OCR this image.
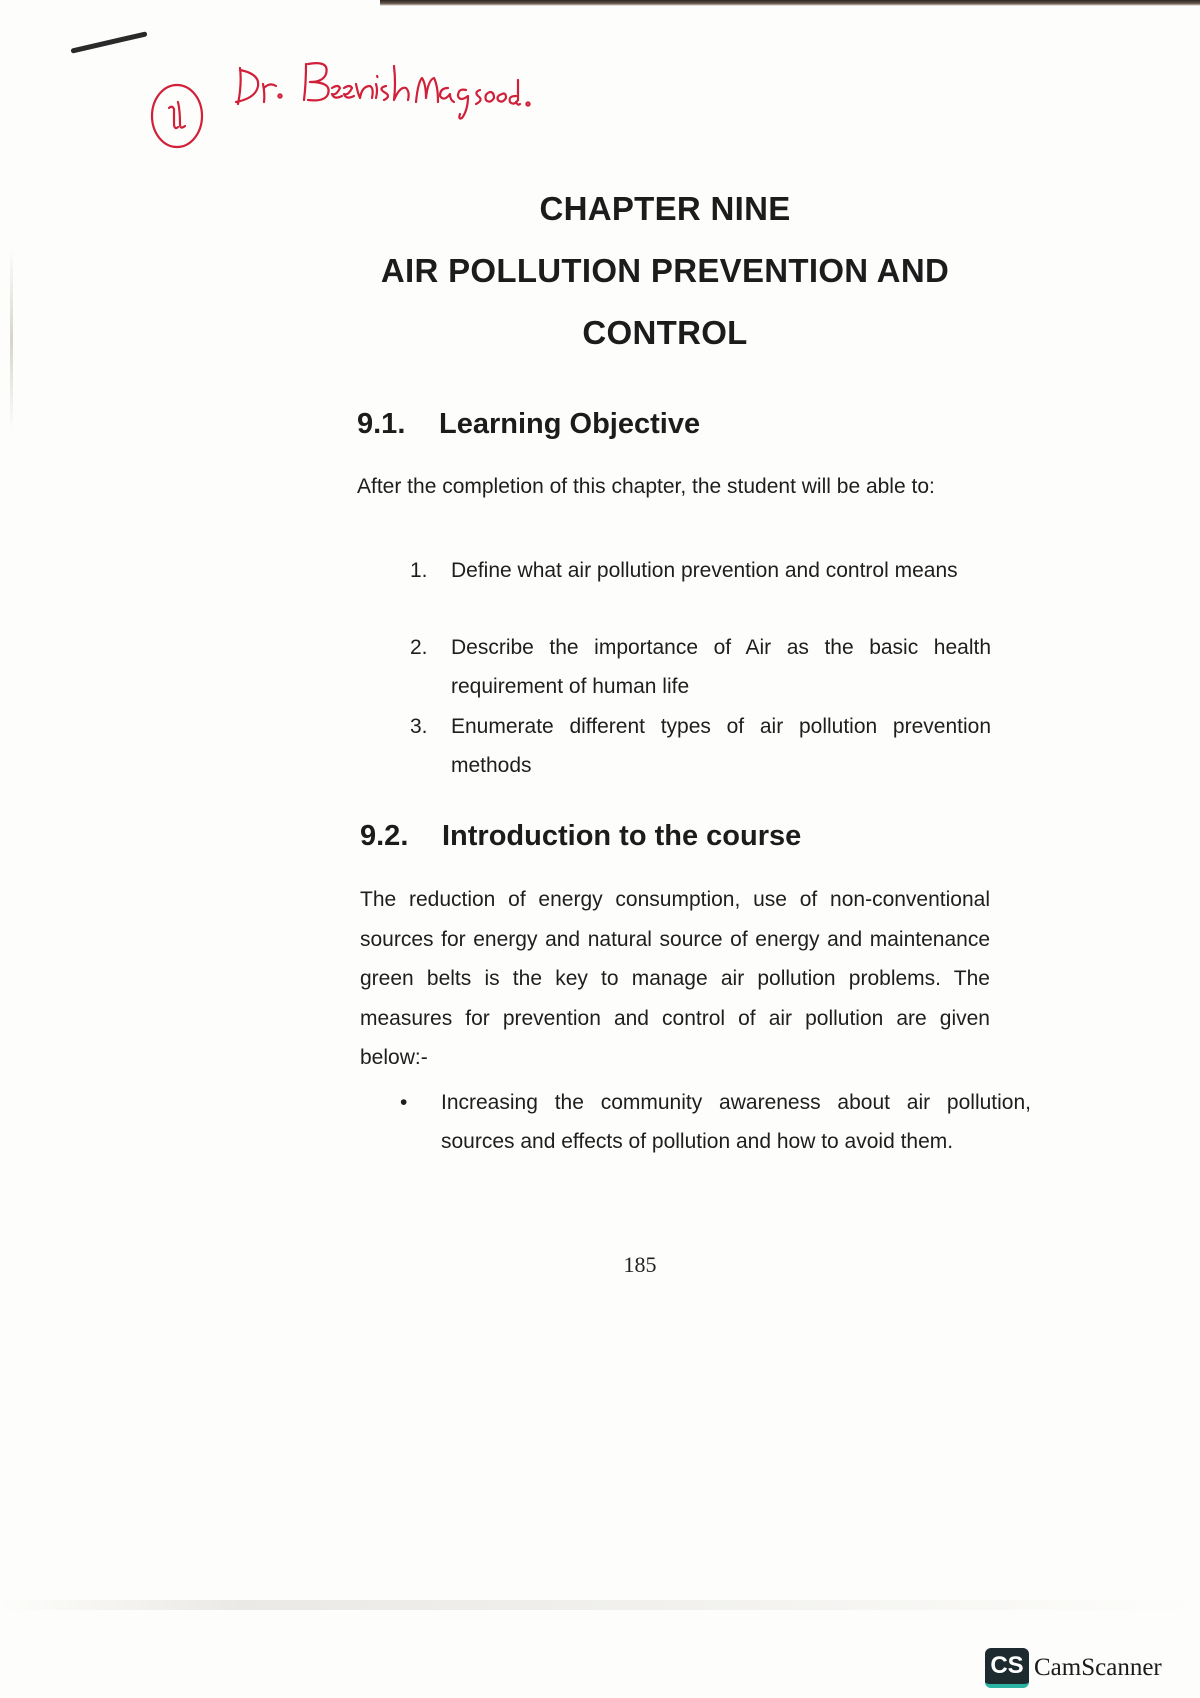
CHAPTER NINE
AIR POLLUTION PREVENTION AND
CONTROL
9.1. Learning Objective
After the completion of this chapter, the student will be able to:
1. Define what air pollution prevention and control means
2. Describe the importance of Air as the basic health requirement of human life
3. Enumerate different types of air pollution prevention methods
9.2. Introduction to the course
The reduction of energy consumption, use of non-conventional sources for energy and natural source of energy and maintenance green belts is the key to manage air pollution problems. The measures for prevention and control of air pollution are given below:-
• Increasing the community awareness about air pollution, sources and effects of pollution and how to avoid them.
185
CS CamScanner
